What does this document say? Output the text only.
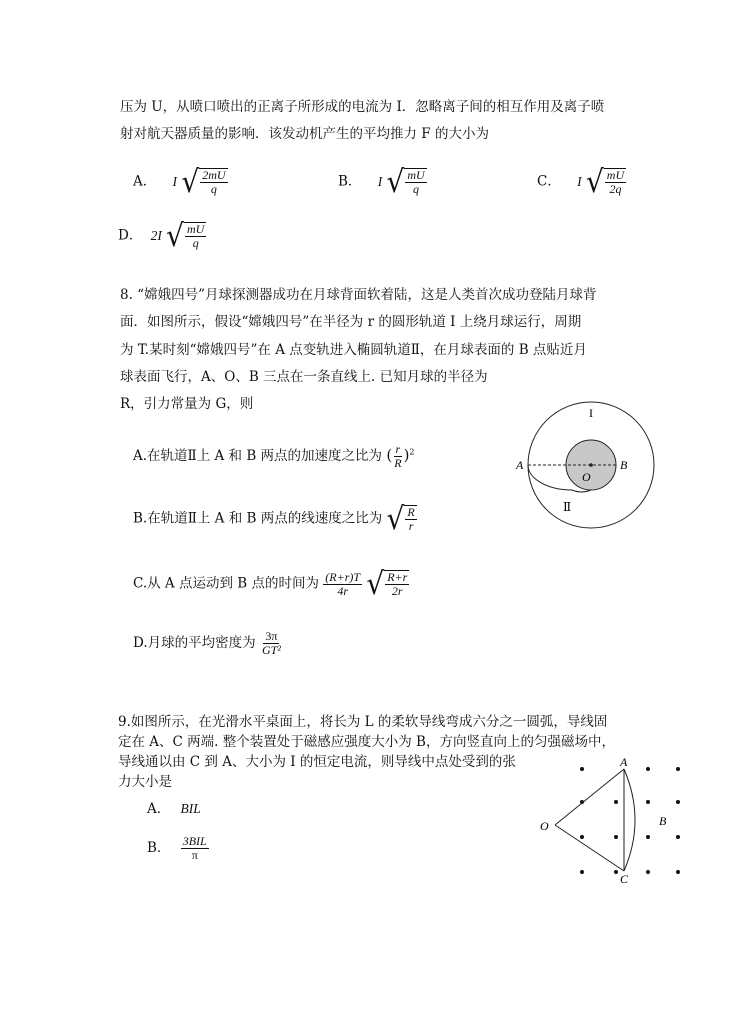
压为 U，从喷口喷出的正离子所形成的电流为 I．忽略离子间的相互作用及离子喷
射对航天器质量的影响．该发动机产生的平均推力 F 的大小为
A． I √ $\frac{2mU}{q}$	B． I √ $\frac{mU}{q}$	C． I √ $\frac{mU}{2q}$
D． 2I √ $\frac{mU}{q}$
8. “嫦娥四号”月球探测器成功在月球背面软着陆，这是人类首次成功登陆月球背
面．如图所示，假设“嫦娥四号”在半径为 r 的圆形轨道 I 上绕月球运行，周期
为 T.某时刻“嫦娥四号”在 A 点变轨进入椭圆轨道Ⅱ，在月球表面的 B 点贴近月
球表面飞行，A、O、B 三点在一条直线上. 已知月球的半径为
R，引力常量为 G，则
A.在轨道Ⅱ上 A 和 B 两点的加速度之比为 ( $\frac{r}{R} )^2$
B.在轨道Ⅱ上 A 和 B 两点的线速度之比为 √ $\frac{R}{r}$
C.从 A 点运动到 B 点的时间为 $\frac{(R+r)T}{4r}$
√ $\frac{R+r}{2r}$
D.月球的平均密度为 $\frac{3\pi}{\text{GT²}}$
I
Ⅱ
A	B
O
9.如图所示，在光滑水平桌面上，将长为 L 的柔软导线弯成六分之一圆弧，导线固
定在 A、C 两端. 整个装置处于磁感应强度大小为 B，方向竖直向上的匀强磁场中，
导线通以由 C 到 A、大小为 I 的恒定电流，则导线中点处受到的张
力大小是
A． BIL
B． $\frac{\text{3BIL}}{\pi}$
A
C
O	B
